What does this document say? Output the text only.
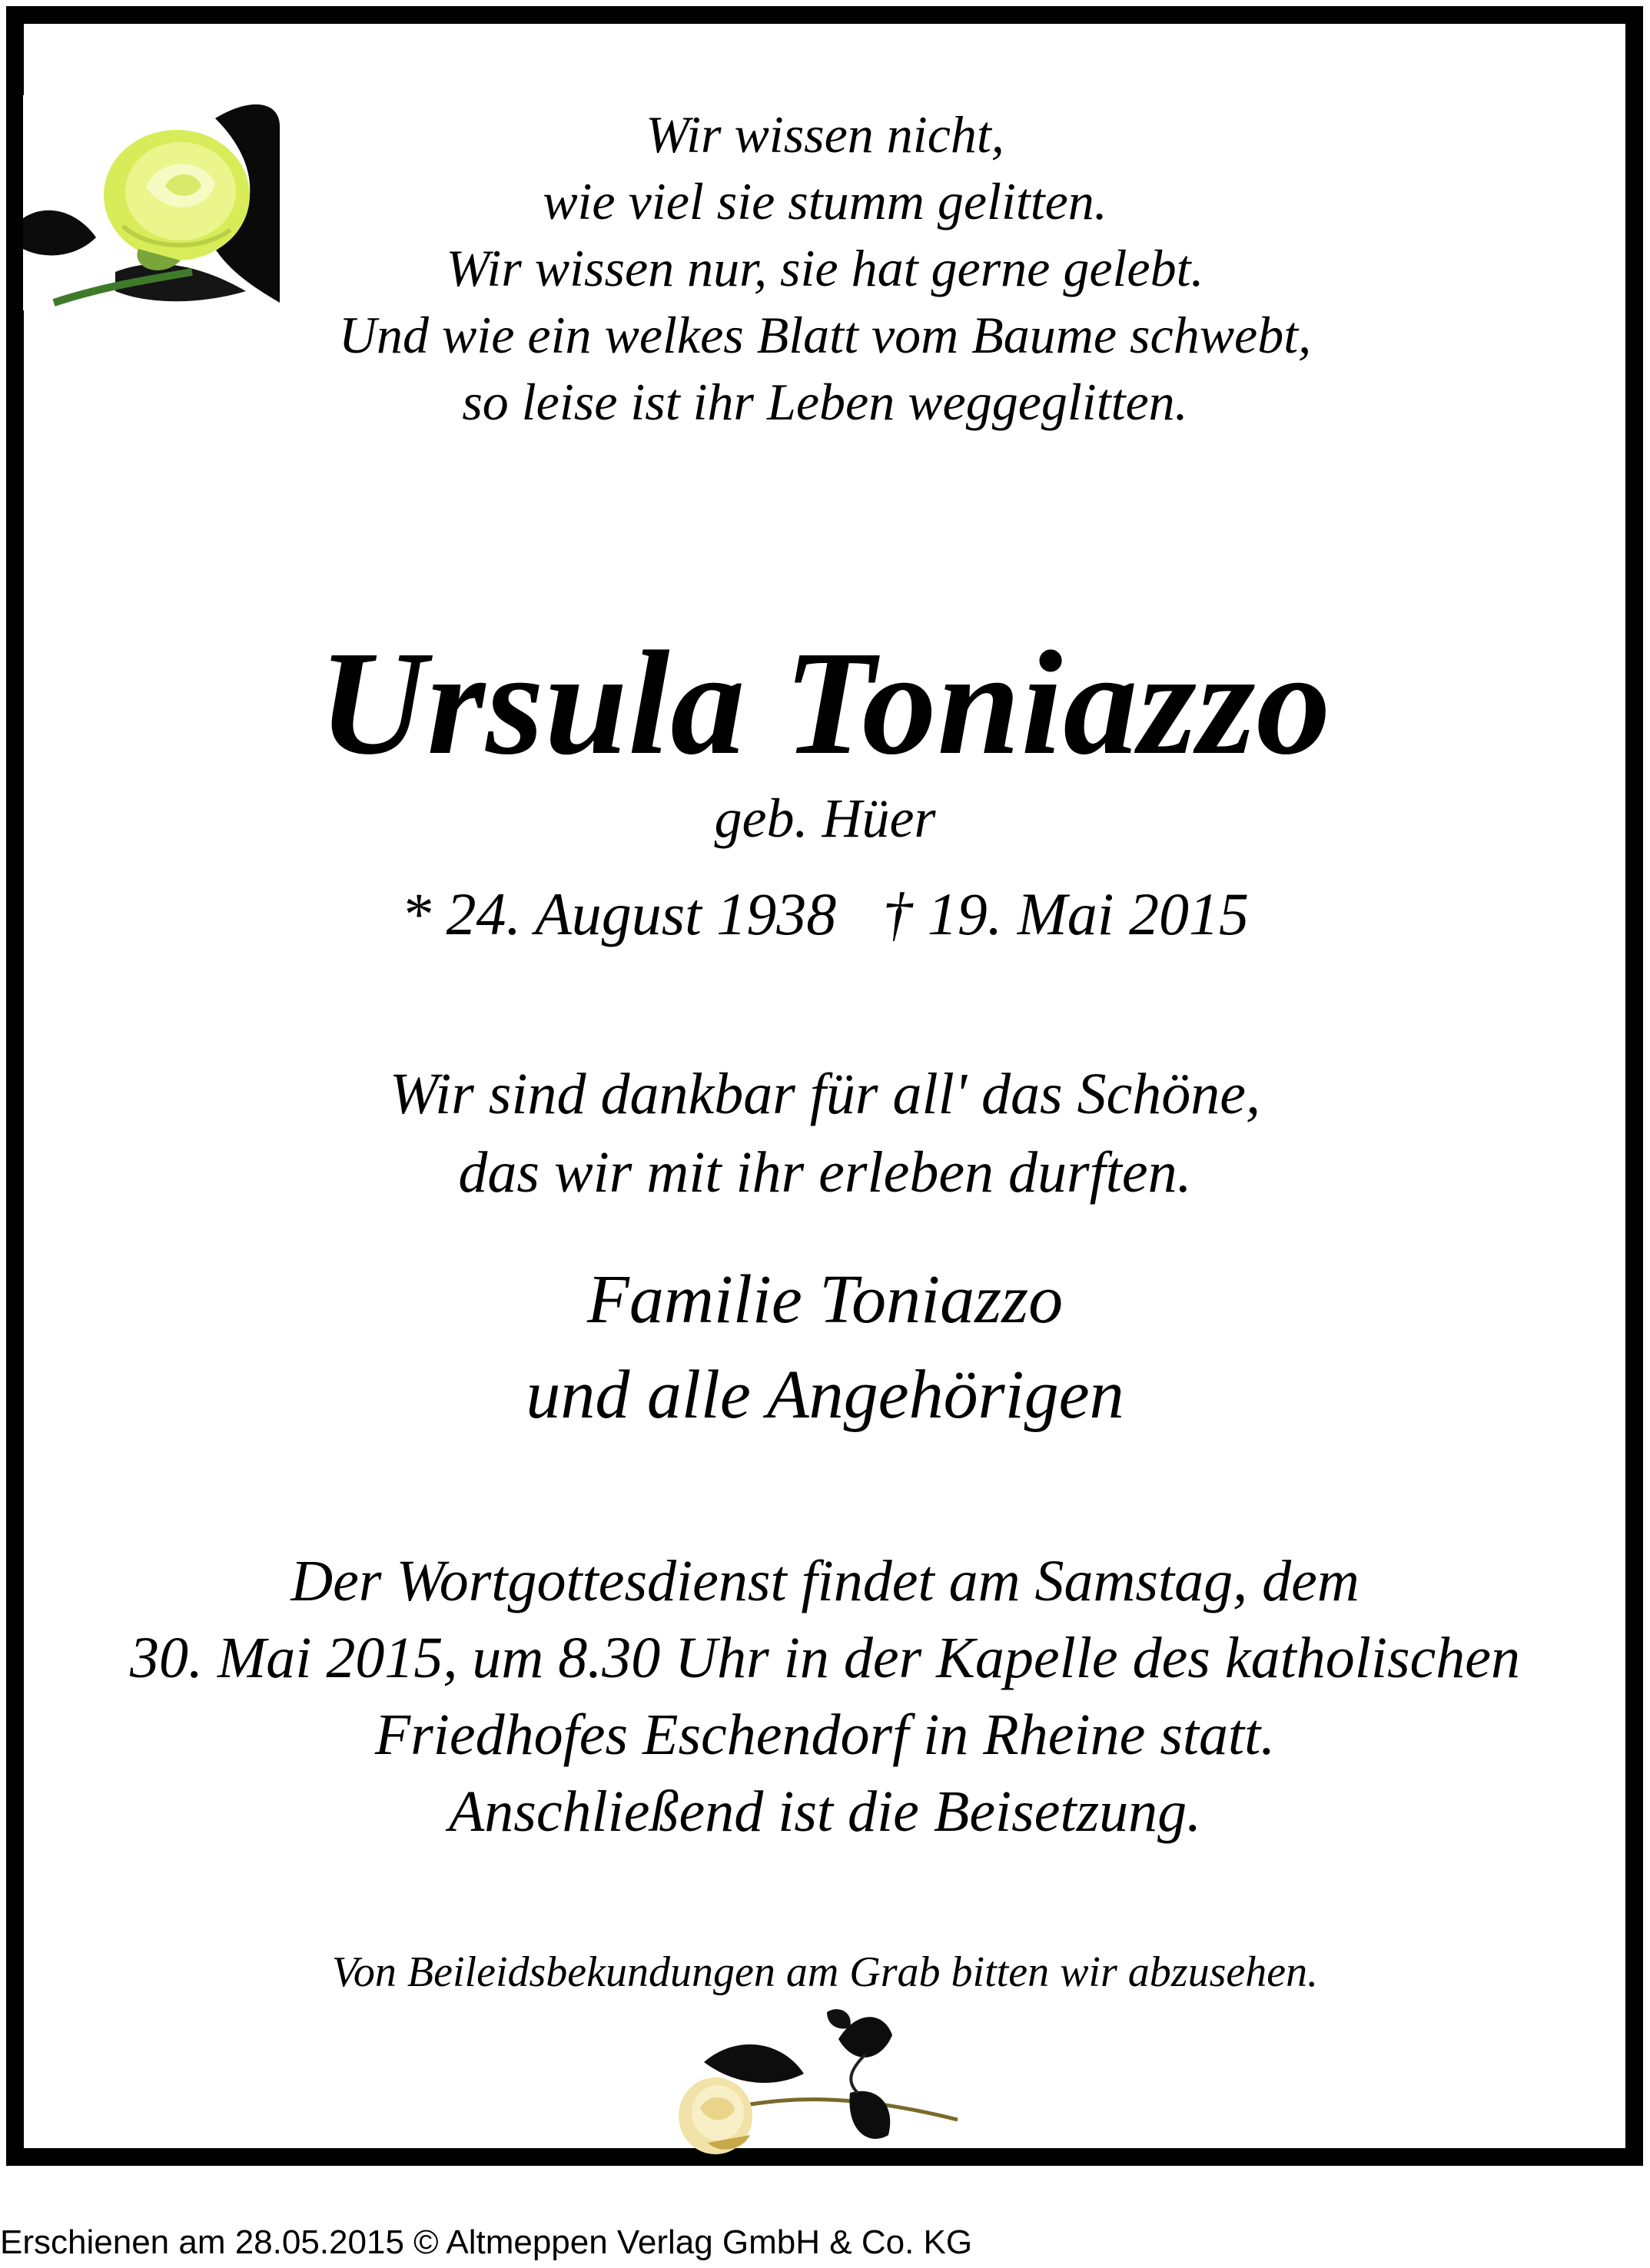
Wir wissen nicht,
wie viel sie stumm gelitten.
Wir wissen nur, sie hat gerne gelebt.
Und wie ein welkes Blatt vom Baume schwebt,
so leise ist ihr Leben weggeglitten.
Ursula Toniazzo
geb. Hüer
* 24. August 1938 † 19. Mai 2015
Wir sind dankbar für all' das Schöne,
das wir mit ihr erleben durften.
Familie Toniazzo
und alle Angehörigen
Der Wortgottesdienst findet am Samstag, dem
30. Mai 2015, um 8.30 Uhr in der Kapelle des katholischen
Friedhofes Eschendorf in Rheine statt.
Anschließend ist die Beisetzung.
Von Beileidsbekundungen am Grab bitten wir abzusehen.
Erschienen am 28.05.2015 © Altmeppen Verlag GmbH & Co. KG
